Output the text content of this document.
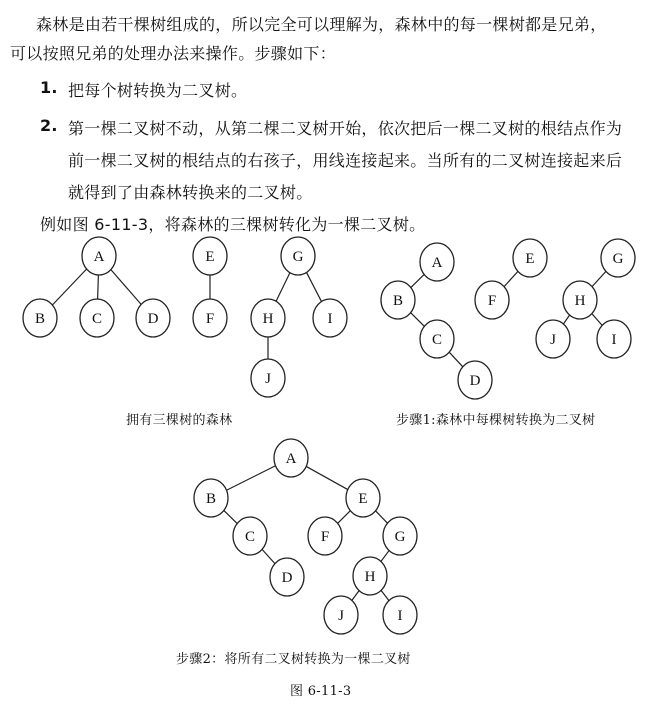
森林是由若干棵树组成的，所以完全可以理解为，森林中的每一棵树都是兄弟，
可以按照兄弟的处理办法来操作。步骤如下：
1. 把每个树转换为二叉树。
2. 第一棵二叉树不动，从第二棵二叉树开始，依次把后一棵二叉树的根结点作为
前一棵二叉树的根结点的右孩子，用线连接起来。当所有的二叉树连接起来后
就得到了由森林转换来的二叉树。
例如图 6-11-3，将森林的三棵树转化为一棵二叉树。
A
B	C	D
E
F
G
H	I
J
A
B
C
D
E
F
G
H
J	I
A
B	E
C	F	G
D	H
J	I
拥有三棵树的森林	步骤1:森林中每棵树转换为二叉树
步骤2：将所有二叉树转换为一棵二叉树
图 6-11-3
